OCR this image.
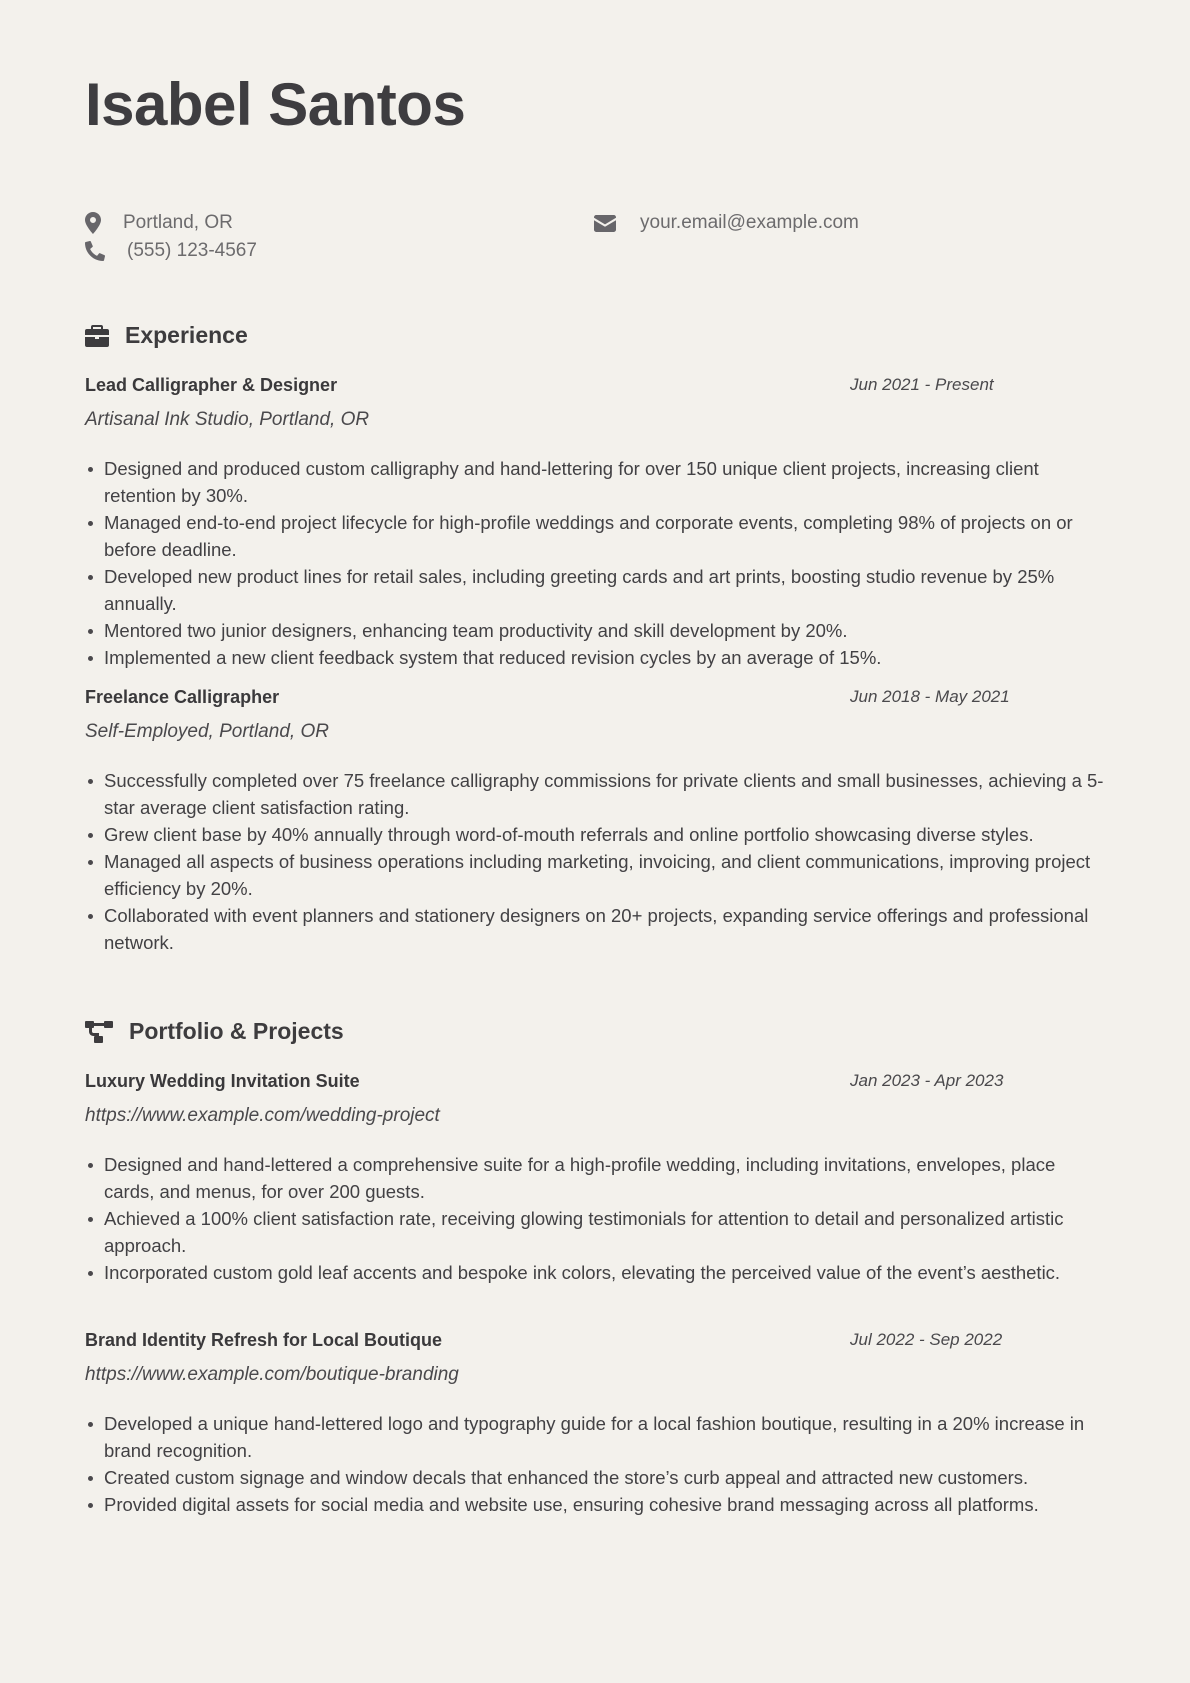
Isabel Santos
Portland, OR
(555) 123-4567
your.email@example.com
Experience
Lead Calligrapher & Designer	Jun 2021 - Present
Artisanal Ink Studio, Portland, OR
Designed and produced custom calligraphy and hand-lettering for over 150 unique client projects, increasing client retention by 30%.
Managed end-to-end project lifecycle for high-profile weddings and corporate events, completing 98% of projects on or before deadline.
Developed new product lines for retail sales, including greeting cards and art prints, boosting studio revenue by 25% annually.
Mentored two junior designers, enhancing team productivity and skill development by 20%.
Implemented a new client feedback system that reduced revision cycles by an average of 15%.
Freelance Calligrapher	Jun 2018 - May 2021
Self-Employed, Portland, OR
Successfully completed over 75 freelance calligraphy commissions for private clients and small businesses, achieving a 5-star average client satisfaction rating.
Grew client base by 40% annually through word-of-mouth referrals and online portfolio showcasing diverse styles.
Managed all aspects of business operations including marketing, invoicing, and client communications, improving project efficiency by 20%.
Collaborated with event planners and stationery designers on 20+ projects, expanding service offerings and professional network.
Portfolio & Projects
Luxury Wedding Invitation Suite	Jan 2023 - Apr 2023
https://www.example.com/wedding-project
Designed and hand-lettered a comprehensive suite for a high-profile wedding, including invitations, envelopes, place cards, and menus, for over 200 guests.
Achieved a 100% client satisfaction rate, receiving glowing testimonials for attention to detail and personalized artistic approach.
Incorporated custom gold leaf accents and bespoke ink colors, elevating the perceived value of the event’s aesthetic.
Brand Identity Refresh for Local Boutique	Jul 2022 - Sep 2022
https://www.example.com/boutique-branding
Developed a unique hand-lettered logo and typography guide for a local fashion boutique, resulting in a 20% increase in brand recognition.
Created custom signage and window decals that enhanced the store’s curb appeal and attracted new customers.
Provided digital assets for social media and website use, ensuring cohesive brand messaging across all platforms.
